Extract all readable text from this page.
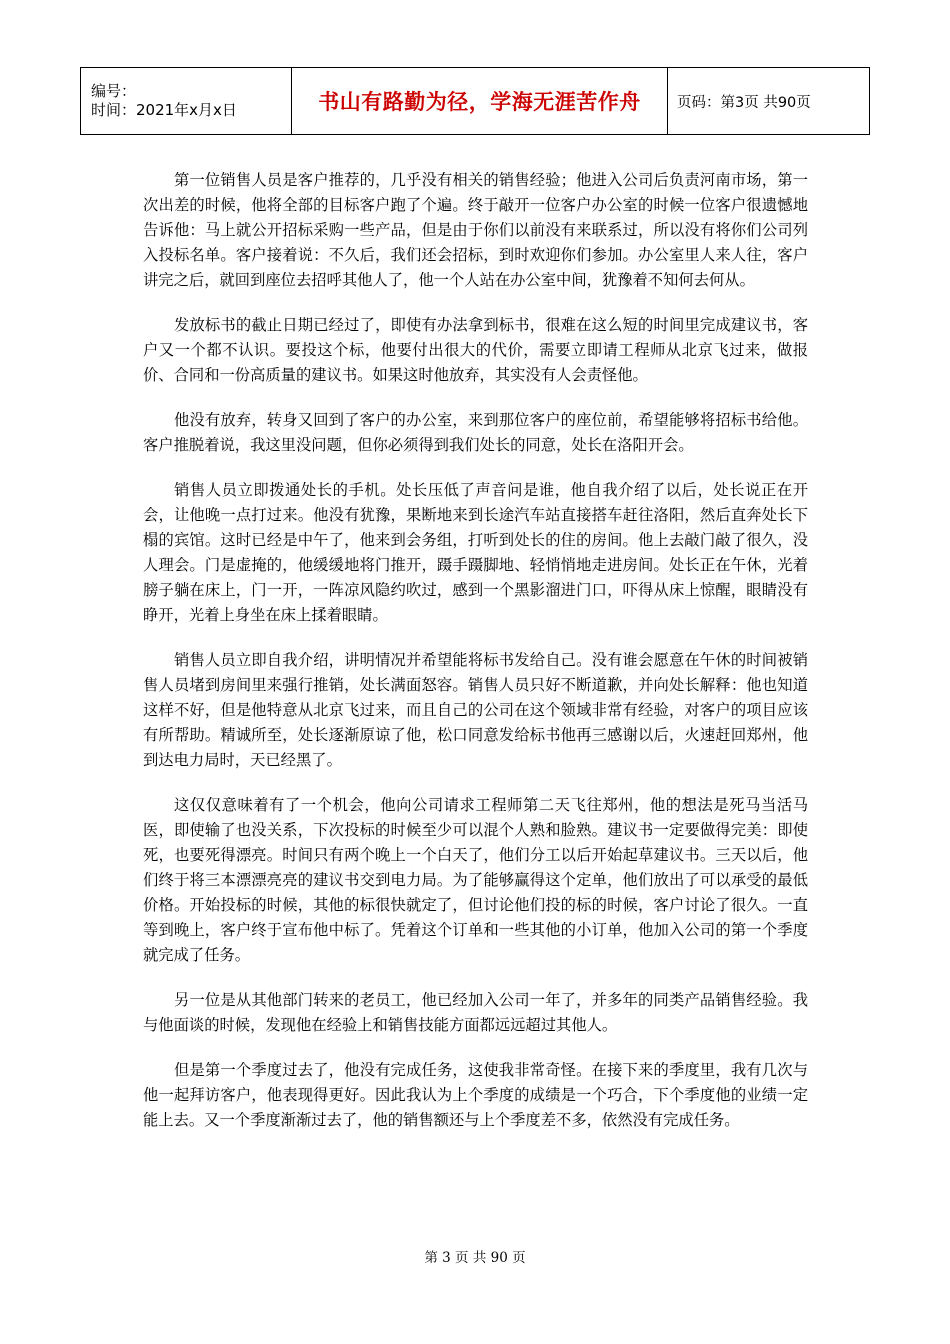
编号：
时间：2021年x月x日	书山有路勤为径，学海无涯苦作舟	页码：第3页 共90页

第一位销售人员是客户推荐的，几乎没有相关的销售经验；他进入公司后负责河南市场，第一次出差的时候，他将全部的目标客户跑了个遍。终于敲开一位客户办公室的时候一位客户很遗憾地告诉他：马上就公开招标采购一些产品，但是由于你们以前没有来联系过，所以没有将你们公司列入投标名单。客户接着说：不久后，我们还会招标，到时欢迎你们参加。办公室里人来人往，客户讲完之后，就回到座位去招呼其他人了，他一个人站在办公室中间，犹豫着不知何去何从。

发放标书的截止日期已经过了，即使有办法拿到标书，很难在这么短的时间里完成建议书，客户又一个都不认识。要投这个标，他要付出很大的代价，需要立即请工程师从北京飞过来，做报价、合同和一份高质量的建议书。如果这时他放弃，其实没有人会责怪他。

他没有放弃，转身又回到了客户的办公室，来到那位客户的座位前，希望能够将招标书给他。客户推脱着说，我这里没问题，但你必须得到我们处长的同意，处长在洛阳开会。

销售人员立即拨通处长的手机。处长压低了声音问是谁，他自我介绍了以后，处长说正在开会，让他晚一点打过来。他没有犹豫，果断地来到长途汽车站直接搭车赶往洛阳，然后直奔处长下榻的宾馆。这时已经是中午了，他来到会务组，打听到处长的住的房间。他上去敲门敲了很久，没人理会。门是虚掩的，他缓缓地将门推开，蹑手蹑脚地、轻悄悄地走进房间。处长正在午休，光着膀子躺在床上，门一开，一阵凉风隐约吹过，感到一个黑影溜进门口，吓得从床上惊醒，眼睛没有睁开，光着上身坐在床上揉着眼睛。

销售人员立即自我介绍，讲明情况并希望能将标书发给自己。没有谁会愿意在午休的时间被销售人员堵到房间里来强行推销，处长满面怒容。销售人员只好不断道歉，并向处长解释：他也知道这样不好，但是他特意从北京飞过来，而且自己的公司在这个领域非常有经验，对客户的项目应该有所帮助。精诚所至，处长逐渐原谅了他，松口同意发给标书他再三感谢以后，火速赶回郑州，他到达电力局时，天已经黑了。

这仅仅意味着有了一个机会，他向公司请求工程师第二天飞往郑州，他的想法是死马当活马医，即使输了也没关系，下次投标的时候至少可以混个人熟和脸熟。建议书一定要做得完美：即使死，也要死得漂亮。时间只有两个晚上一个白天了，他们分工以后开始起草建议书。三天以后，他们终于将三本漂漂亮亮的建议书交到电力局。为了能够赢得这个定单，他们放出了可以承受的最低价格。开始投标的时候，其他的标很快就定了，但讨论他们投的标的时候，客户讨论了很久。一直等到晚上，客户终于宣布他中标了。凭着这个订单和一些其他的小订单，他加入公司的第一个季度就完成了任务。

另一位是从其他部门转来的老员工，他已经加入公司一年了，并多年的同类产品销售经验。我与他面谈的时候，发现他在经验上和销售技能方面都远远超过其他人。

但是第一个季度过去了，他没有完成任务，这使我非常奇怪。在接下来的季度里，我有几次与他一起拜访客户，他表现得更好。因此我认为上个季度的成绩是一个巧合，下个季度他的业绩一定能上去。又一个季度渐渐过去了，他的销售额还与上个季度差不多，依然没有完成任务。

第 3 页 共 90 页
